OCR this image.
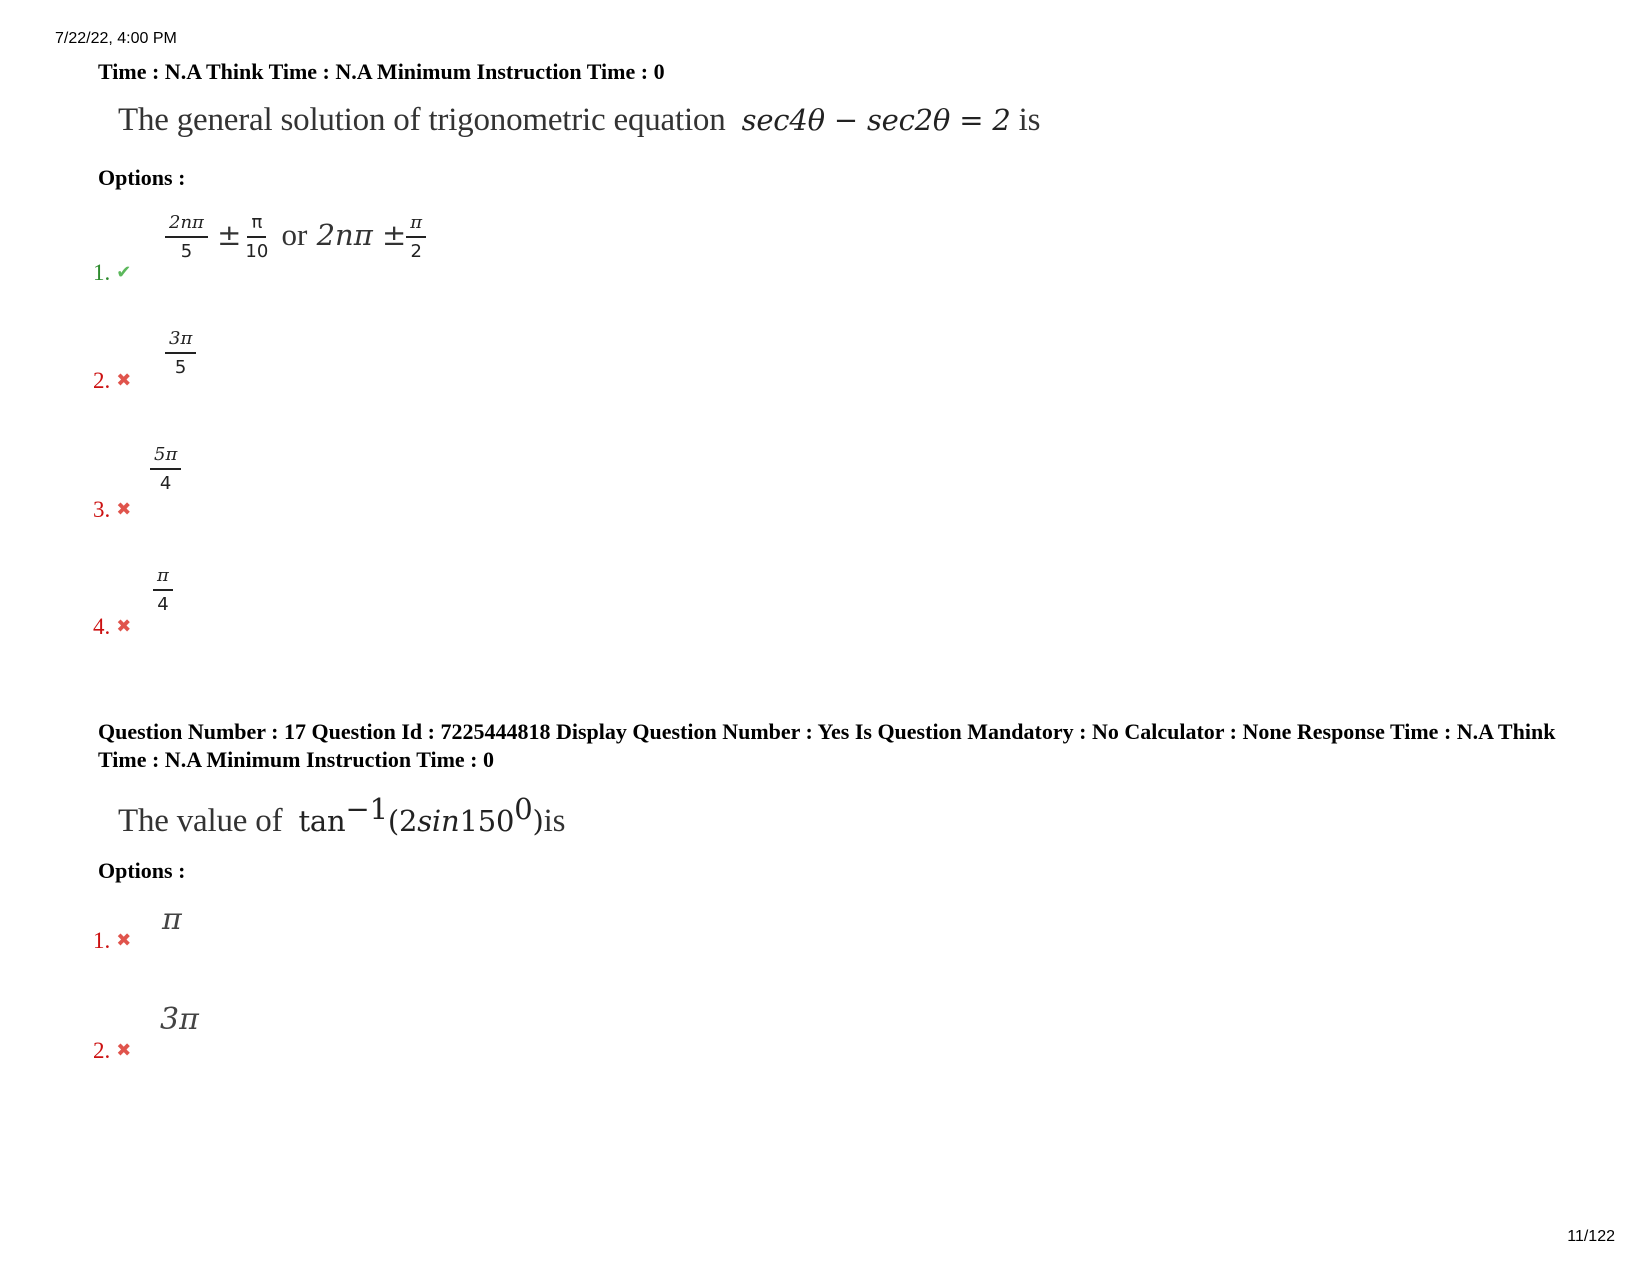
7/22/22, 4:00 PM
Time : N.A Think Time : N.A Minimum Instruction Time : 0
The general solution of trigonometric equation sec4θ − sec2θ = 2 is
Options :
1. ✔
$\frac{2n\pi}{5} \pm \frac{\pi}{10}$ or $2n\pi \pm \frac{\pi}{2}$
2. ✖
$\frac{3\pi}{5}$
3. ✖
$\frac{5\pi}{4}$
4. ✖
$\frac{\pi}{4}$
Question Number : 17 Question Id : 7225444818 Display Question Number : Yes Is Question Mandatory : No Calculator : None Response Time : N.A Think Time : N.A Minimum Instruction Time : 0
The value of $\tan^{-1}(2\sin 150^0)is$
Options :
1. ✖
π
2. ✖
3π
11/122
